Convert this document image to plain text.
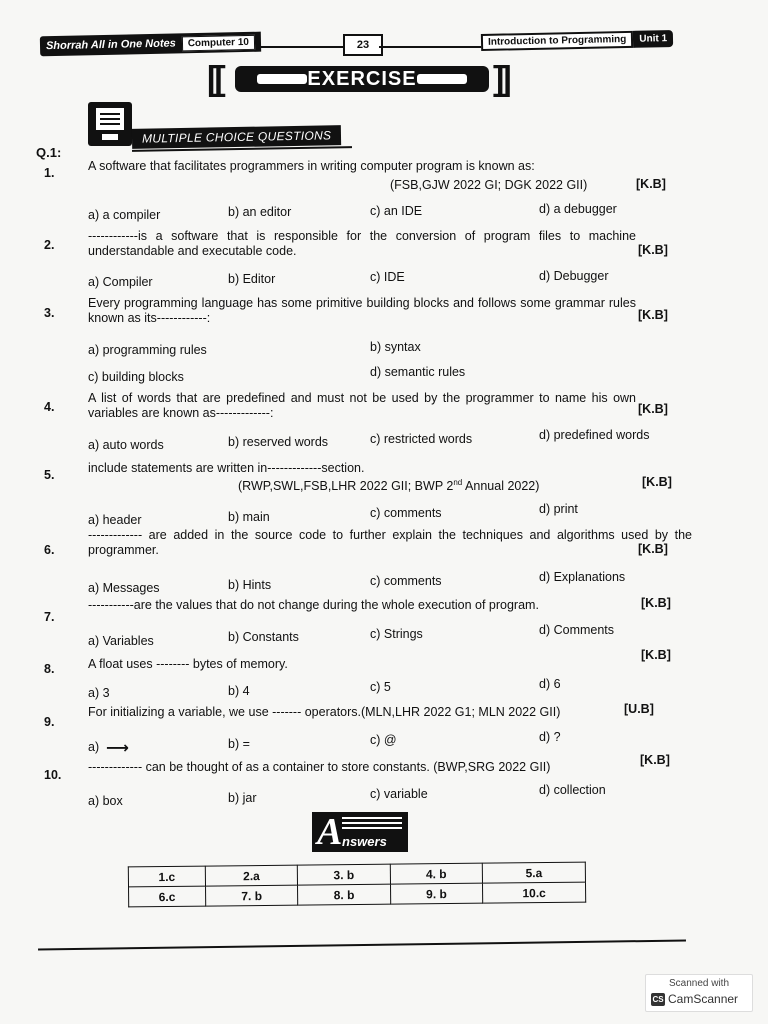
Shorrah All in One Notes	Computer 10	23	Introduction to Programming	Unit 1
[[	EXERCISE ]]
MULTIPLE CHOICE QUESTIONS
Q.1:
1.	A software that facilitates programmers in writing computer program is known as:
(FSB,GJW 2022 GI; DGK 2022 GII)	[K.B]
a) a compiler	b) an editor	c) an IDE	d) a debugger
2.
------------is a software that is responsible for the conversion of program files to machine understandable and executable code.	[K.B]
a) Compiler	b) Editor	c) IDE	d) Debugger
3.
Every programming language has some primitive building blocks and follows some grammar rules known as its------------:	[K.B]
a) programming rules	b) syntax
c) building blocks	d) semantic rules
4.
A list of words that are predefined and must not be used by the programmer to name his own variables are known as-------------:	[K.B]
a) auto words	b) reserved words	c) restricted words	d) predefined words
5.	include statements are written in-------------section.
(RWP,SWL,FSB,LHR 2022 GII; BWP 2nd Annual 2022)	[K.B]
a) header	b) main	c) comments	d) print
6.
------------- are added in the source code to further explain the techniques and algorithms used by the programmer.	[K.B]
a) Messages	b) Hints	c) comments	d) Explanations
7.
-----------are the values that do not change during the whole execution of program.	[K.B]
a) Variables	b) Constants	c) Strings	d) Comments
8.	A float uses -------- bytes of memory.
[K.B]
a) 3	b) 4	c) 5	d) 6
9.
For initializing a variable, we use ------- operators.(MLN,LHR 2022 G1; MLN 2022 GII)	[U.B]
a) ⟶	b) =	c) @	d) ?
10.
------------- can be thought of as a container to store constants. (BWP,SRG 2022 GII)	[K.B]
a) box	b) jar	c) variable	d) collection
A nswers
1.c	2.a	3. b	4. b	5.a
6.c	7. b	8. b	9. b	10.c
Scanned with
CS CamScanner
